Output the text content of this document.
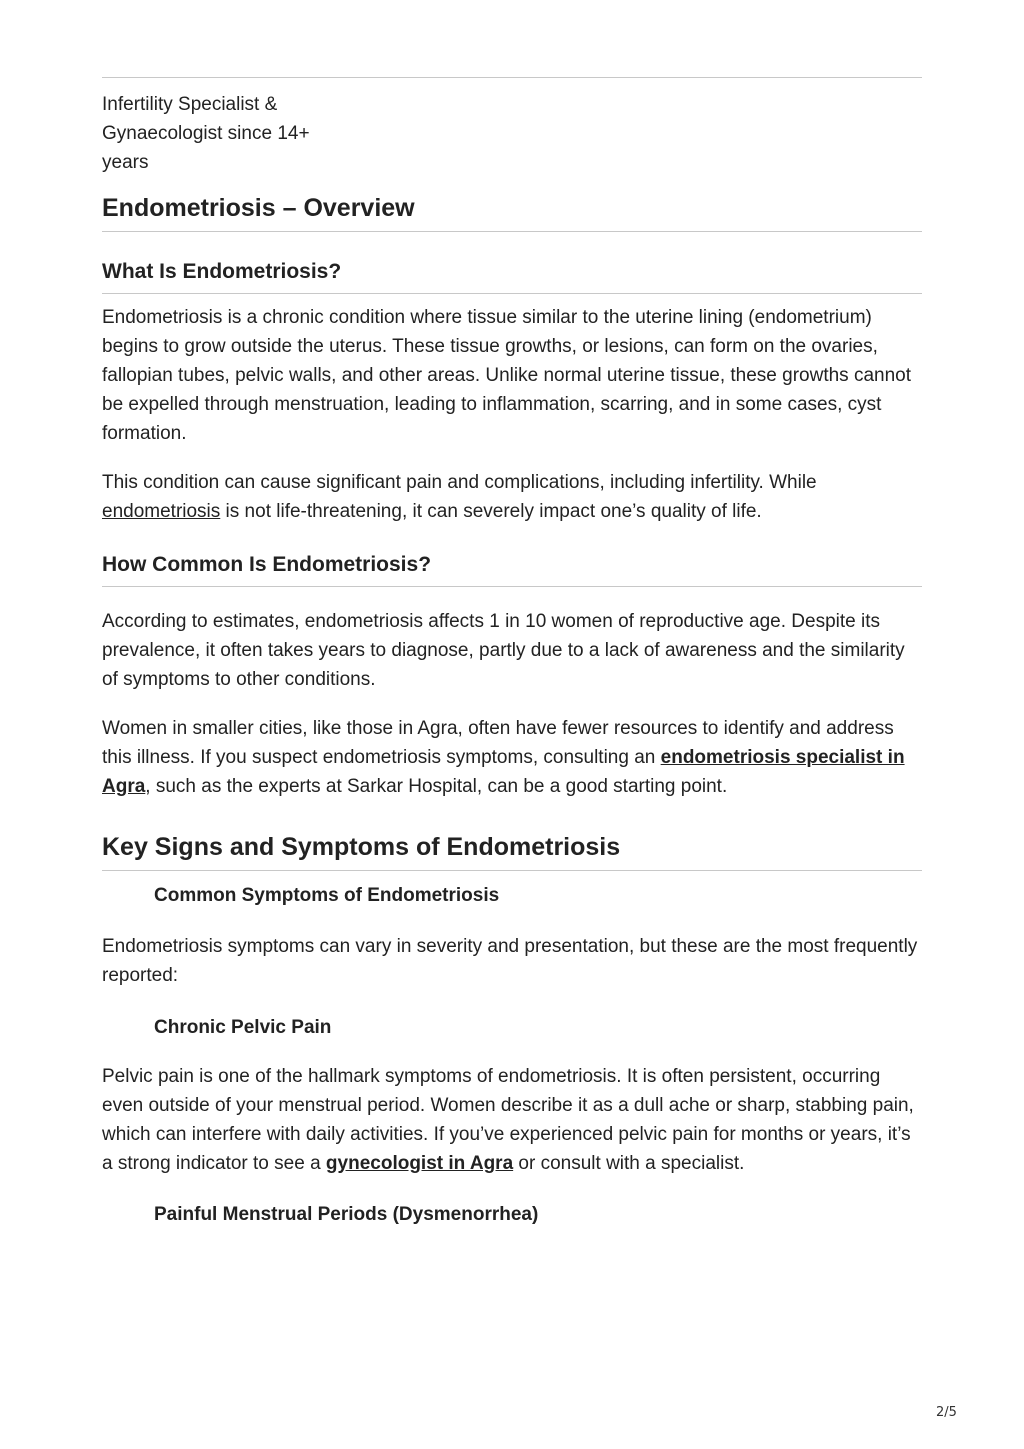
Infertility Specialist &
Gynaecologist since 14+
years
Endometriosis – Overview
What Is Endometriosis?

Endometriosis is a chronic condition where tissue similar to the uterine lining (endometrium) begins to grow outside the uterus. These tissue growths, or lesions, can form on the ovaries, fallopian tubes, pelvic walls, and other areas. Unlike normal uterine tissue, these growths cannot be expelled through menstruation, leading to inflammation, scarring, and in some cases, cyst formation.

This condition can cause significant pain and complications, including infertility. While endometriosis is not life-threatening, it can severely impact one’s quality of life.

How Common Is Endometriosis?

According to estimates, endometriosis affects 1 in 10 women of reproductive age. Despite its prevalence, it often takes years to diagnose, partly due to a lack of awareness and the similarity of symptoms to other conditions.

Women in smaller cities, like those in Agra, often have fewer resources to identify and address this illness. If you suspect endometriosis symptoms, consulting an endometriosis specialist in Agra, such as the experts at Sarkar Hospital, can be a good starting point.

Key Signs and Symptoms of Endometriosis
Common Symptoms of Endometriosis

Endometriosis symptoms can vary in severity and presentation, but these are the most frequently reported:

Chronic Pelvic Pain

Pelvic pain is one of the hallmark symptoms of endometriosis. It is often persistent, occurring even outside of your menstrual period. Women describe it as a dull ache or sharp, stabbing pain, which can interfere with daily activities. If you’ve experienced pelvic pain for months or years, it’s a strong indicator to see a gynecologist in Agra or consult with a specialist.

Painful Menstrual Periods (Dysmenorrhea)
2/5
